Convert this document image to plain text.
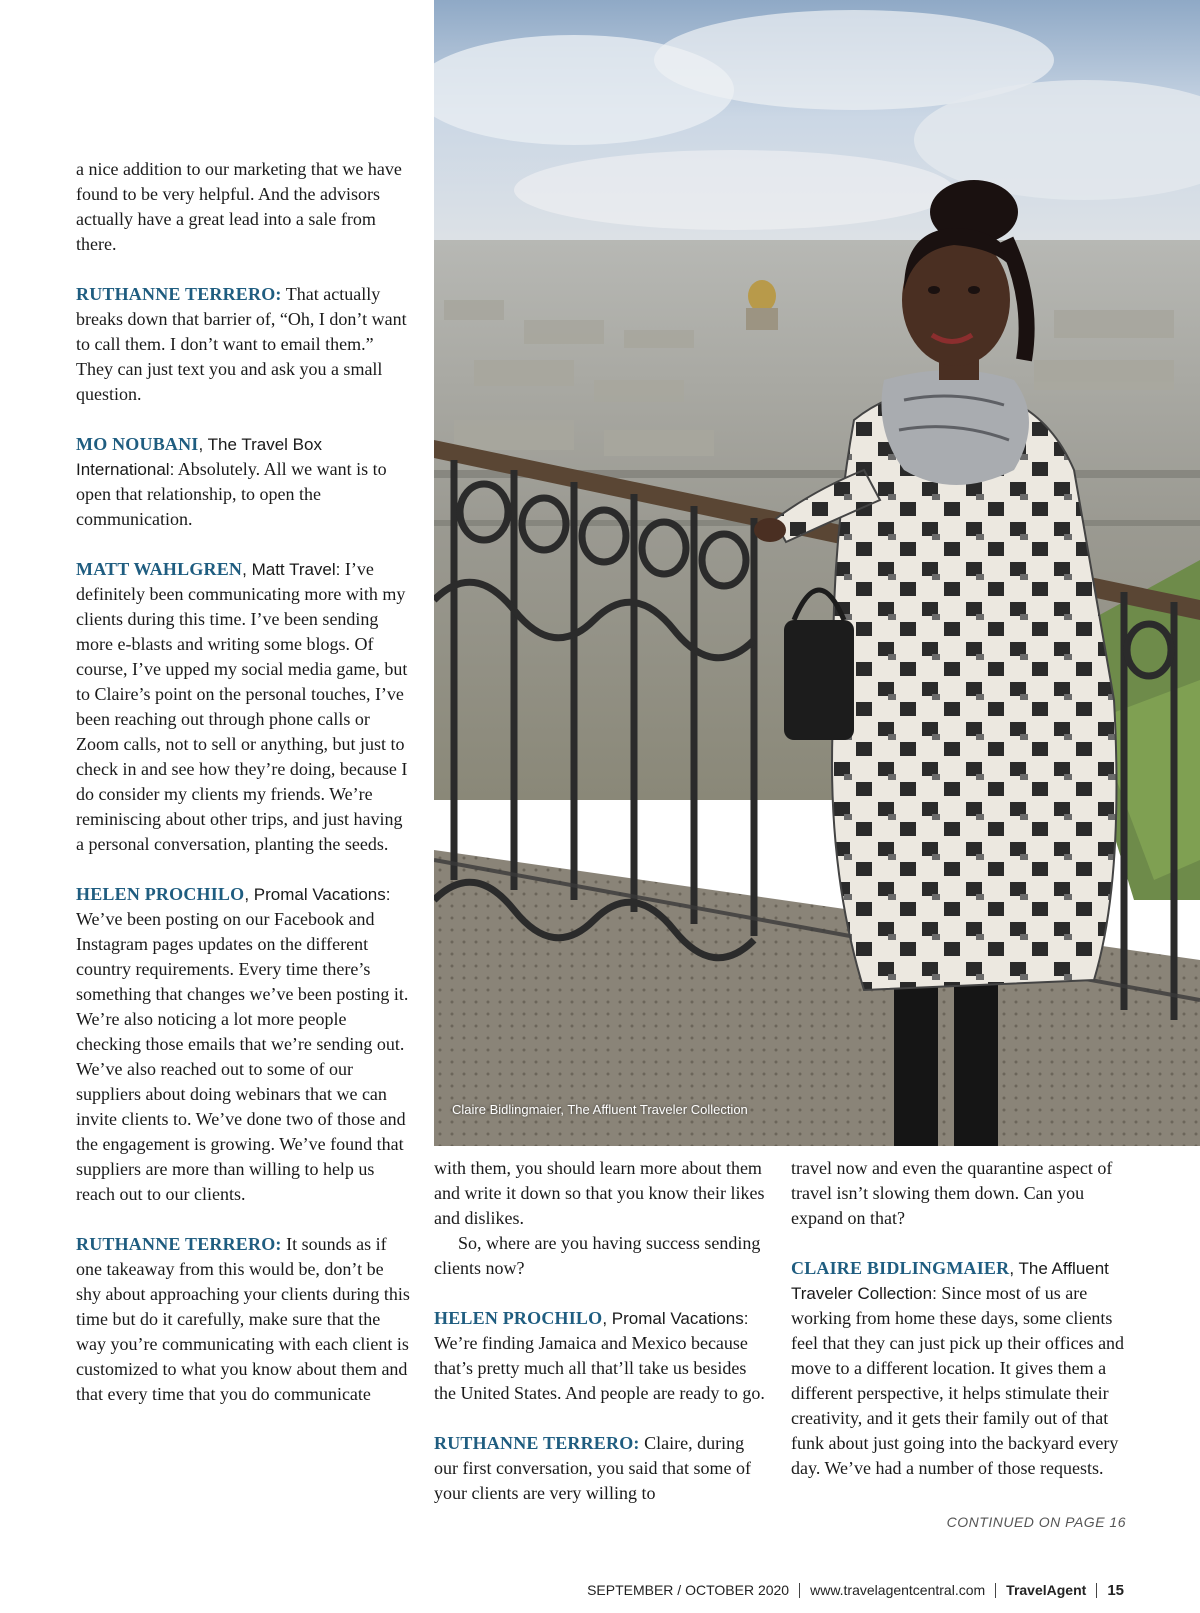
a nice addition to our marketing that we have found to be very helpful. And the advisors actually have a great lead into a sale from there.

RUTHANNE TERRERO: That actually breaks down that barrier of, “Oh, I don’t want to call them. I don’t want to email them.” They can just text you and ask you a small question.

MO NOUBANI, The Travel Box International: Absolutely. All we want is to open that relationship, to open the communication.

MATT WAHLGREN, Matt Travel: I’ve definitely been communicating more with my clients during this time. I’ve been sending more e-blasts and writing some blogs. Of course, I’ve upped my social media game, but to Claire’s point on the personal touches, I’ve been reaching out through phone calls or Zoom calls, not to sell or anything, but just to check in and see how they’re doing, because I do consider my clients my friends. We’re reminiscing about other trips, and just having a personal conversation, planting the seeds.

HELEN PROCHILO, Promal Vacations: We’ve been posting on our Facebook and Instagram pages updates on the different country requirements. Every time there’s something that changes we’ve been posting it. We’re also noticing a lot more people checking those emails that we’re sending out. We’ve also reached out to some of our suppliers about doing webinars that we can invite clients to. We’ve done two of those and the engagement is growing. We’ve found that suppliers are more than willing to help us reach out to our clients.

RUTHANNE TERRERO: It sounds as if one takeaway from this would be, don’t be shy about approaching your clients during this time but do it carefully, make sure that the way you’re communicating with each client is customized to what you know about them and that every time that you do communicate

Claire Bidlingmaier, The Affluent Traveler Collection

with them, you should learn more about them and write it down so that you know their likes and dislikes.

So, where are you having success sending clients now?

HELEN PROCHILO, Promal Vacations: We’re finding Jamaica and Mexico because that’s pretty much all that’ll take us besides the United States. And people are ready to go.

RUTHANNE TERRERO: Claire, during our first conversation, you said that some of your clients are very willing to

travel now and even the quarantine aspect of travel isn’t slowing them down. Can you expand on that?

CLAIRE BIDLINGMAIER, The Affluent Traveler Collection: Since most of us are working from home these days, some clients feel that they can just pick up their offices and move to a different location. It gives them a different perspective, it helps stimulate their creativity, and it gets their family out of that funk about just going into the backyard every day. We’ve had a number of those requests.

CONTINUED ON PAGE 16
SEPTEMBER / OCTOBER 2020 www.travelagentcentral.com TravelAgent 15
